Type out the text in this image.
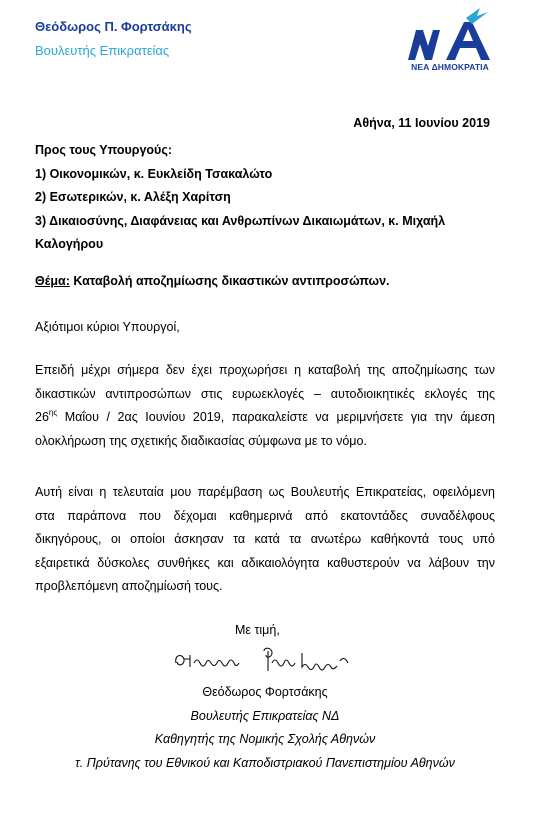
Θεόδωρος Π. Φορτσάκης
Βουλευτής Επικρατείας
ΝΕΑ ΔΗΜΟΚΡΑΤΙΑ
Αθήνα, 11 Ιουνίου 2019
Προς τους Υπουργούς:
1) Οικονομικών, κ. Ευκλείδη Τσακαλώτο
2) Εσωτερικών, κ. Αλέξη Χαρίτση
3) Δικαιοσύνης, Διαφάνειας και Ανθρωπίνων Δικαιωμάτων, κ. Μιχαήλ
Καλογήρου
Θέμα: Καταβολή αποζημίωσης δικαστικών αντιπροσώπων.
Αξιότιμοι κύριοι Υπουργοί,
Επειδή μέχρι σήμερα δεν έχει προχωρήσει η καταβολή της αποζημίωσης των
δικαστικών αντιπροσώπων στις ευρωεκλογές – αυτοδιοικητικές εκλογές της
$26^{\eta\varsigma}$ Μαΐου / 2ας Ιουνίου 2019, παρακαλείστε να μεριμνήσετε για την άμεση
ολοκλήρωση της σχετικής διαδικασίας σύμφωνα με το νόμο.
Αυτή είναι η τελευταία μου παρέμβαση ως Βουλευτής Επικρατείας, οφειλόμενη
στα παράπονα που δέχομαι καθημερινά από εκατοντάδες συναδέλφους
δικηγόρους, οι οποίοι άσκησαν τα κατά τα ανωτέρω καθήκοντά τους υπό
εξαιρετικά δύσκολες συνθήκες και αδικαιολόγητα καθυστερούν να λάβουν την
προβλεπόμενη αποζημίωσή τους.
Με τιμή,
Θεόδωρος Φορτσάκης
Βουλευτής Επικρατείας ΝΔ
Καθηγητής της Νομικής Σχολής Αθηνών
τ. Πρύτανης του Εθνικού και Καποδιστριακού Πανεπιστημίου Αθηνών
